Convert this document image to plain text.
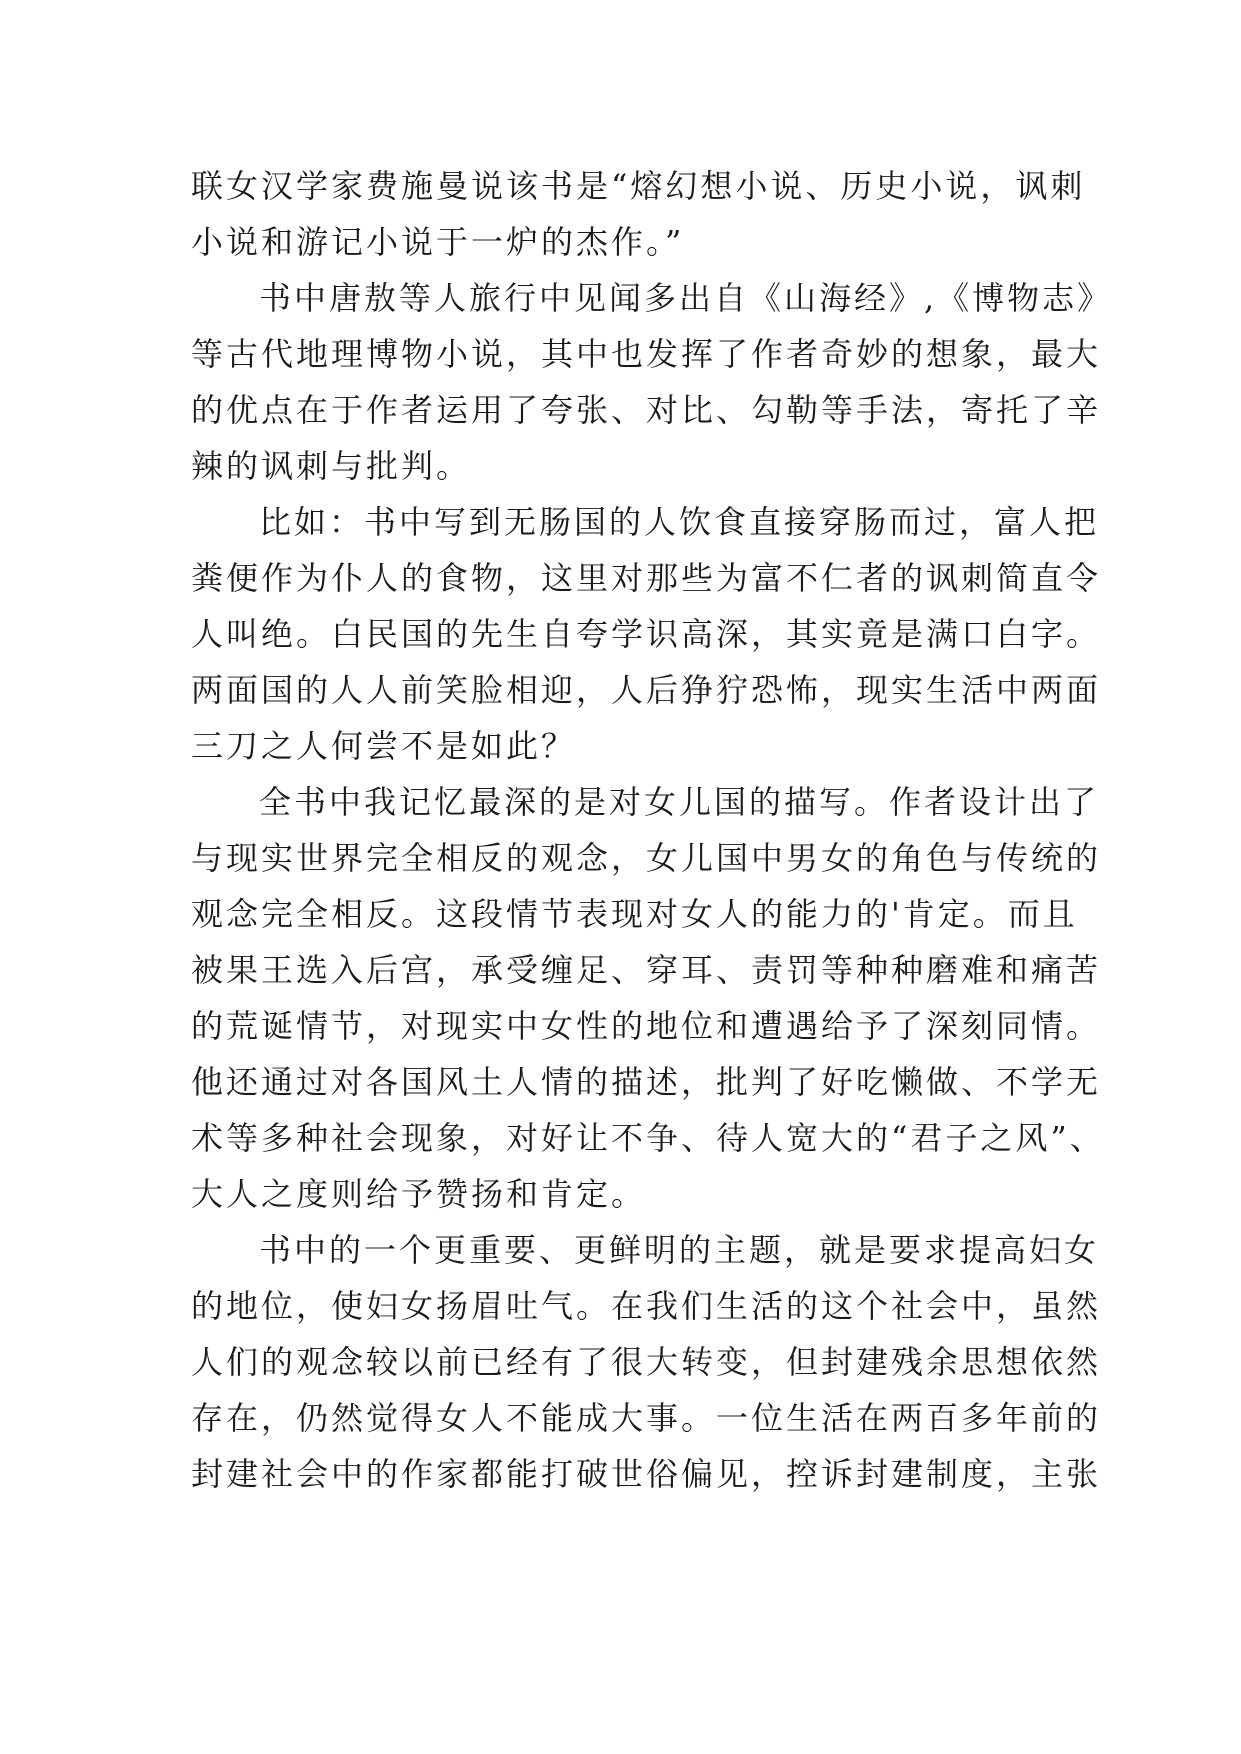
联女汉学家费施曼说该书是“熔幻想小说、历史小说，讽刺
小说和游记小说于一炉的杰作。”
书中唐敖等人旅行中见闻多出自《山海经》,《博物志》
等古代地理博物小说，其中也发挥了作者奇妙的想象，最大
的优点在于作者运用了夸张、对比、勾勒等手法，寄托了辛
辣的讽刺与批判。
比如：书中写到无肠国的人饮食直接穿肠而过，富人把
粪便作为仆人的食物，这里对那些为富不仁者的讽刺简直令
人叫绝。白民国的先生自夸学识高深，其实竟是满口白字。
两面国的人人前笑脸相迎，人后狰狞恐怖，现实生活中两面
三刀之人何尝不是如此？
全书中我记忆最深的是对女儿国的描写。作者设计出了
与现实世界完全相反的观念，女儿国中男女的角色与传统的
观念完全相反。这段情节表现对女人的能力的'肯定。而且
被果王选入后宫，承受缠足、穿耳、责罚等种种磨难和痛苦
的荒诞情节，对现实中女性的地位和遭遇给予了深刻同情。
他还通过对各国风土人情的描述，批判了好吃懒做、不学无
术等多种社会现象，对好让不争、待人宽大的“君子之风”、
大人之度则给予赞扬和肯定。
书中的一个更重要、更鲜明的主题，就是要求提高妇女
的地位，使妇女扬眉吐气。在我们生活的这个社会中，虽然
人们的观念较以前已经有了很大转变，但封建残余思想依然
存在，仍然觉得女人不能成大事。一位生活在两百多年前的
封建社会中的作家都能打破世俗偏见，控诉封建制度，主张
